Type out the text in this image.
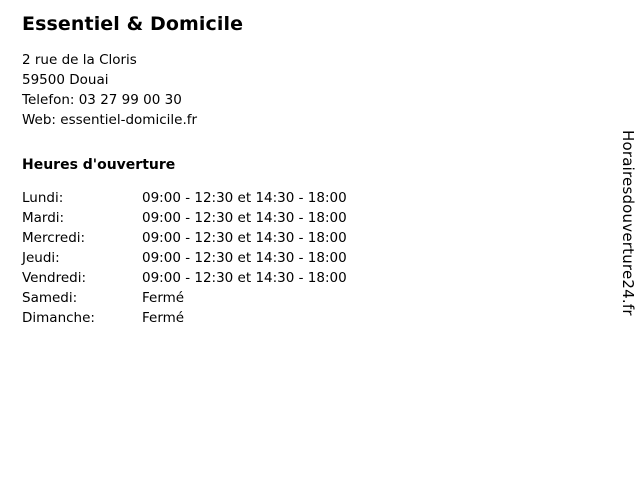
Essentiel & Domicile
2 rue de la Cloris
59500 Douai
Telefon: 03 27 99 00 30
Web: essentiel-domicile.fr
Heures d'ouverture
Lundi:	09:00 - 12:30 et 14:30 - 18:00
Mardi:	09:00 - 12:30 et 14:30 - 18:00
Mercredi:	09:00 - 12:30 et 14:30 - 18:00
Jeudi:	09:00 - 12:30 et 14:30 - 18:00
Vendredi:	09:00 - 12:30 et 14:30 - 18:00
Samedi:	Fermé
Dimanche:	Fermé
Horairesdouverture24.fr
